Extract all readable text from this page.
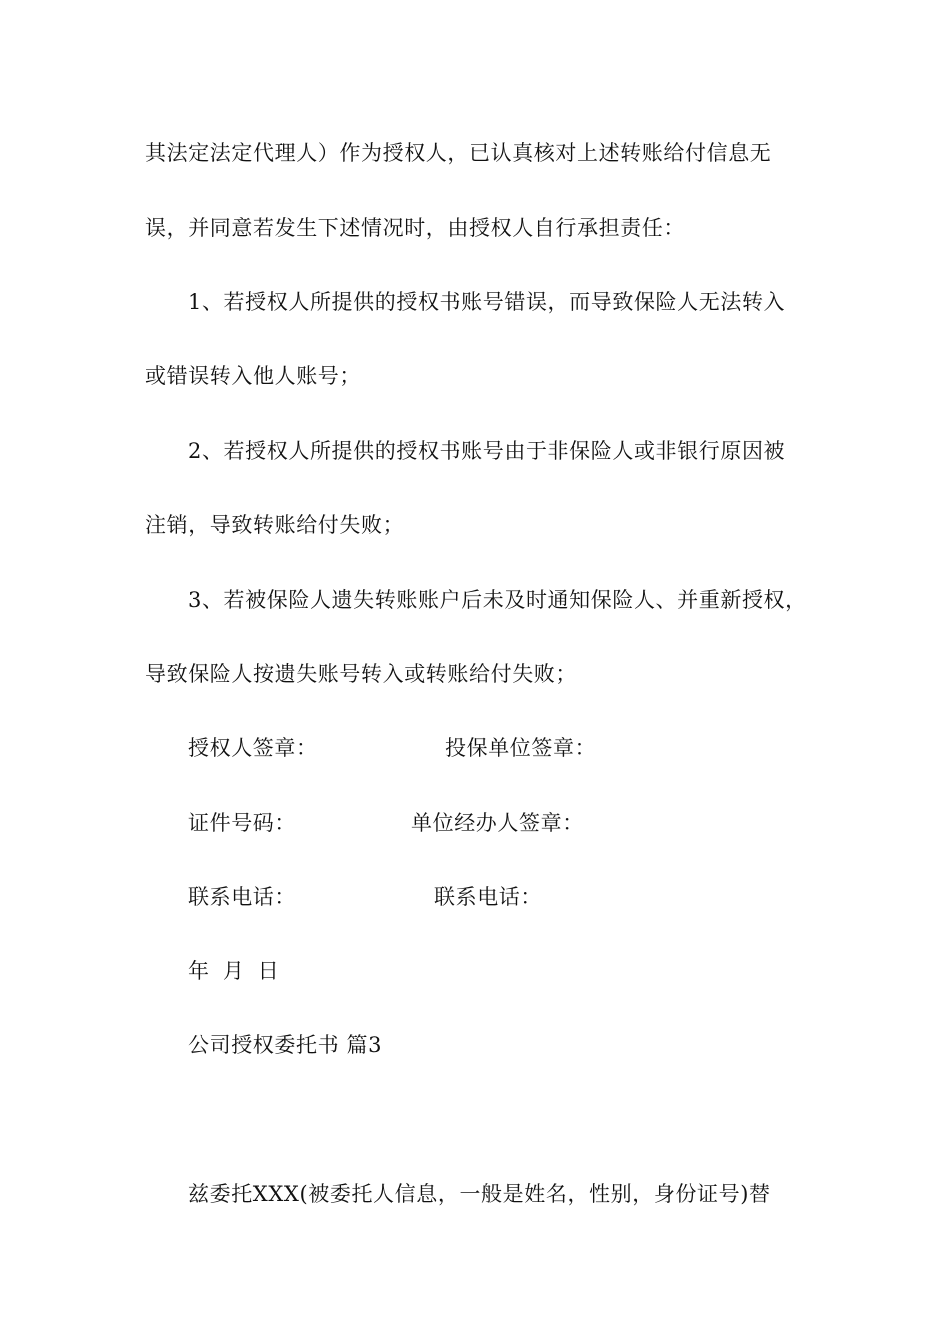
其法定法定代理人）作为授权人，已认真核对上述转账给付信息无
误，并同意若发生下述情况时，由授权人自行承担责任：
1、若授权人所提供的授权书账号错误，而导致保险人无法转入
或错误转入他人账号；
2、若授权人所提供的授权书账号由于非保险人或非银行原因被
注销，导致转账给付失败；
3、若被保险人遗失转账账户后未及时通知保险人、并重新授权，
导致保险人按遗失账号转入或转账给付失败；
授权人签章：	投保单位签章：
证件号码：	单位经办人签章：
联系电话：	联系电话：
年 月 日
公司授权委托书 篇3
兹委托XXX(被委托人信息，一般是姓名，性别，身份证号)替
